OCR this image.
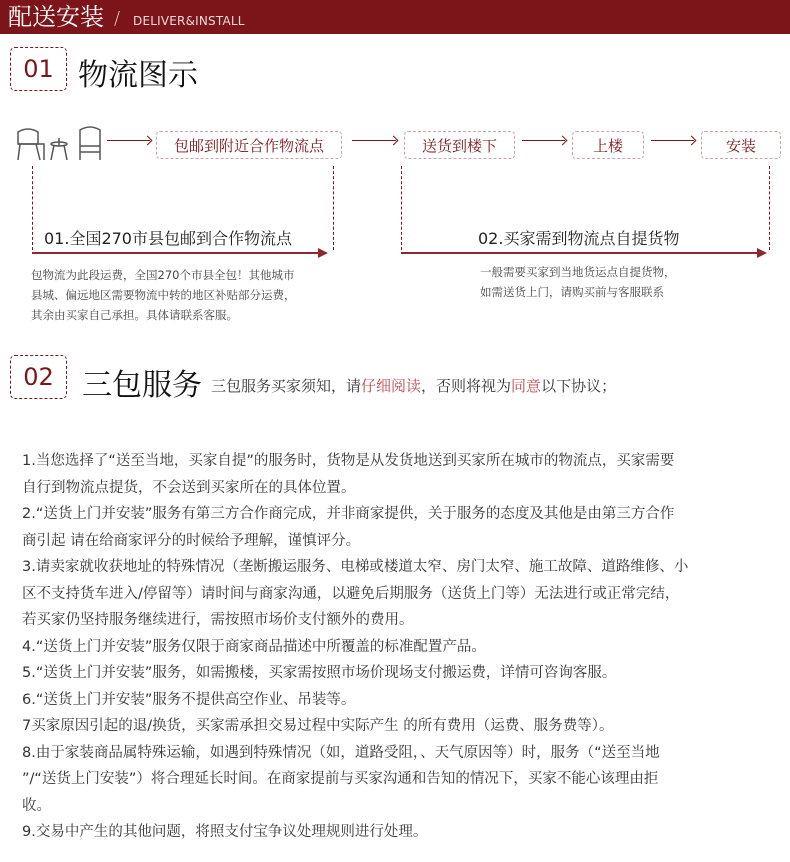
配送安装 / DELIVER&INSTALL
01 物流图示
包邮到附近合作物流点	送货到楼下	上楼	安装
01.全国270市县包邮到合作物流点
包物流为此段运费，全国270个市县全包！其他城市
县城、偏远地区需要物流中转的地区补贴部分运费，
其余由买家自己承担。具体请联系客服。
02.买家需到物流点自提货物
一般需要买家到当地货运点自提货物，
如需送货上门，请购买前与客服联系
02 三包服务 三包服务买家须知，请仔细阅读，否则将视为同意以下协议；
1.当您选择了“送至当地，买家自提”的服务时，货物是从发货地送到买家所在城市的物流点，买家需要
自行到物流点提货，不会送到买家所在的具体位置。
2.“送货上门并安装”服务有第三方合作商完成，并非商家提供，关于服务的态度及其他是由第三方合作
商引起 请在给商家评分的时候给予理解，谨慎评分。
3.请卖家就收获地址的特殊情况（垄断搬运服务、电梯或楼道太窄、房门太窄、施工故障、道路维修、小
区不支持货车进入/停留等）请时间与商家沟通，以避免后期服务（送货上门等）无法进行或正常完结，
若买家仍坚持服务继续进行，需按照市场价支付额外的费用。
4.“送货上门并安装”服务仅限于商家商品描述中所覆盖的标准配置产品。
5.“送货上门并安装”服务，如需搬楼，买家需按照市场价现场支付搬运费，详情可咨询客服。
6.“送货上门并安装”服务不提供高空作业、吊装等。
7买家原因引起的退/换货，买家需承担交易过程中实际产生 的所有费用（运费、服务费等）。
8.由于家装商品属特殊运输，如遇到特殊情况（如，道路受阻，、天气原因等）时，服务（“送至当地
”/“送货上门安装”）将合理延长时间。在商家提前与买家沟通和告知的情况下，买家不能心该理由拒
收。
9.交易中产生的其他问题，将照支付宝争议处理规则进行处理。
